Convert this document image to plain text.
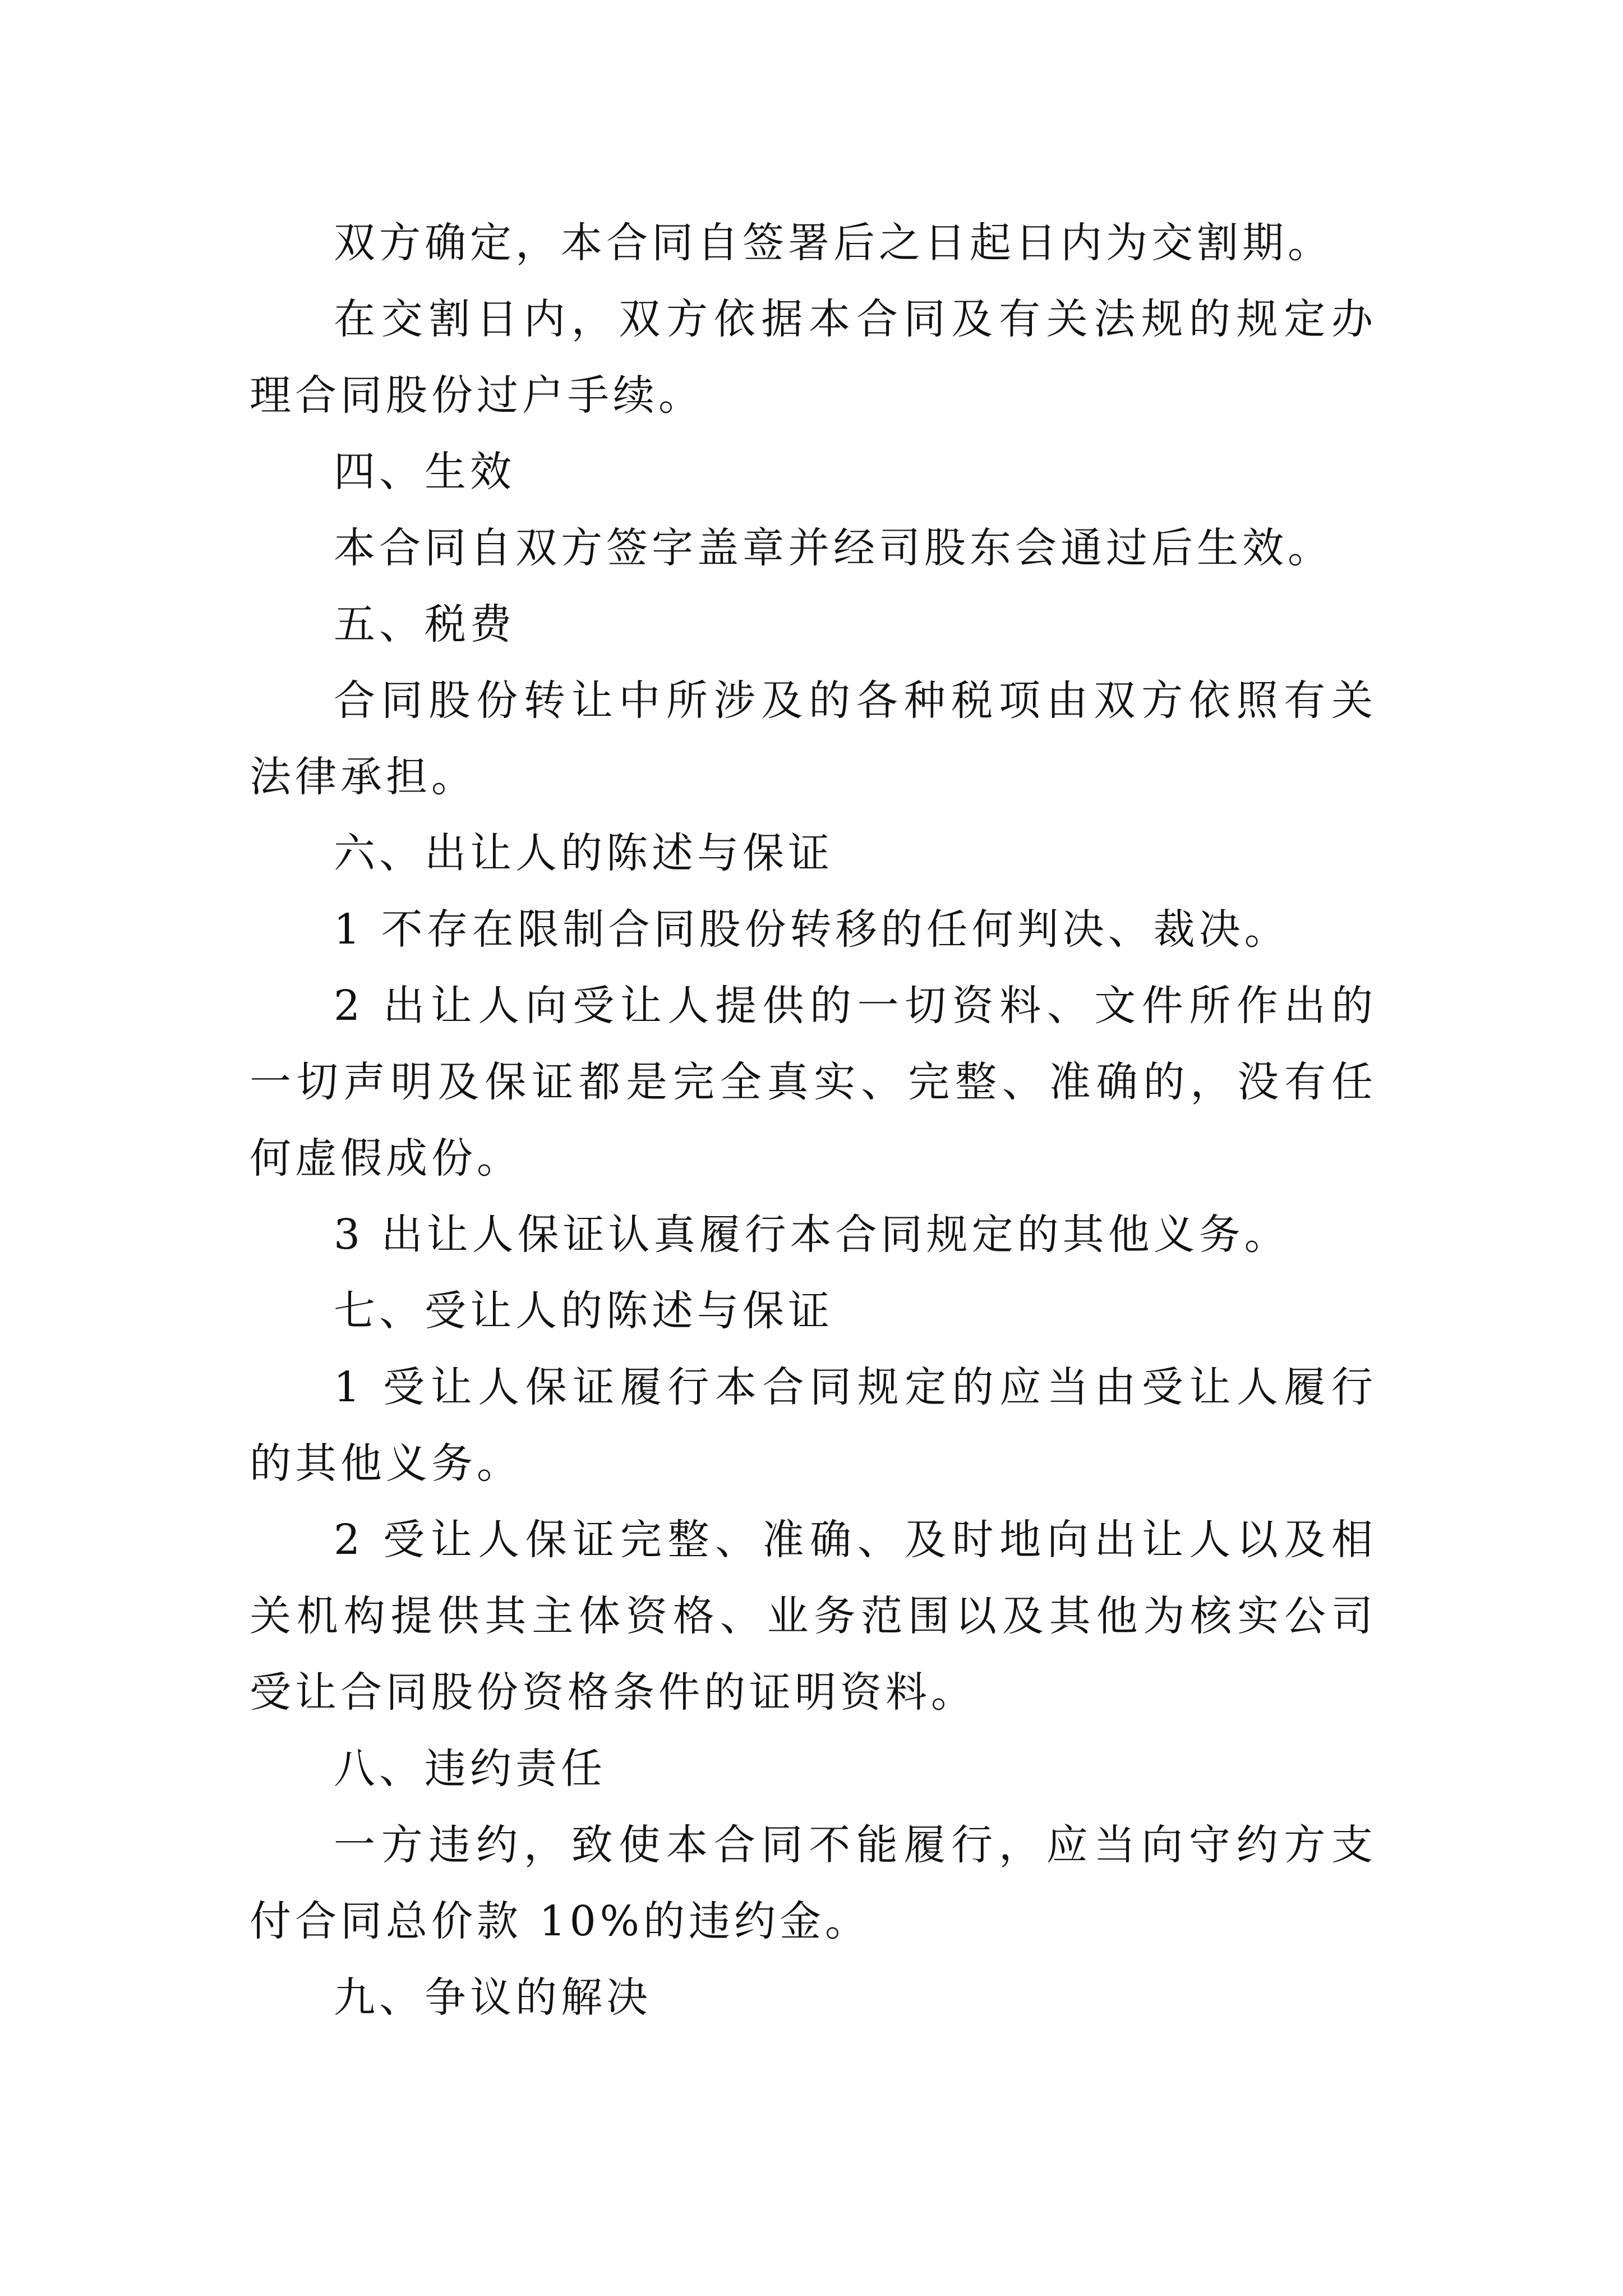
双方确定，本合同自签署后之日起日内为交割期。

在交割日内，双方依据本合同及有关法规的规定办理合同股份过户手续。

四、生效

本合同自双方签字盖章并经司股东会通过后生效。

五、税费

合同股份转让中所涉及的各种税项由双方依照有关法律承担。

六、出让人的陈述与保证

1 不存在限制合同股份转移的任何判决、裁决。

2 出让人向受让人提供的一切资料、文件所作出的一切声明及保证都是完全真实、完整、准确的，没有任何虚假成份。

3 出让人保证认真履行本合同规定的其他义务。

七、受让人的陈述与保证

1 受让人保证履行本合同规定的应当由受让人履行的其他义务。

2 受让人保证完整、准确、及时地向出让人以及相关机构提供其主体资格、业务范围以及其他为核实公司受让合同股份资格条件的证明资料。

八、违约责任

一方违约，致使本合同不能履行，应当向守约方支付合同总价款 10%的违约金。

九、争议的解决
